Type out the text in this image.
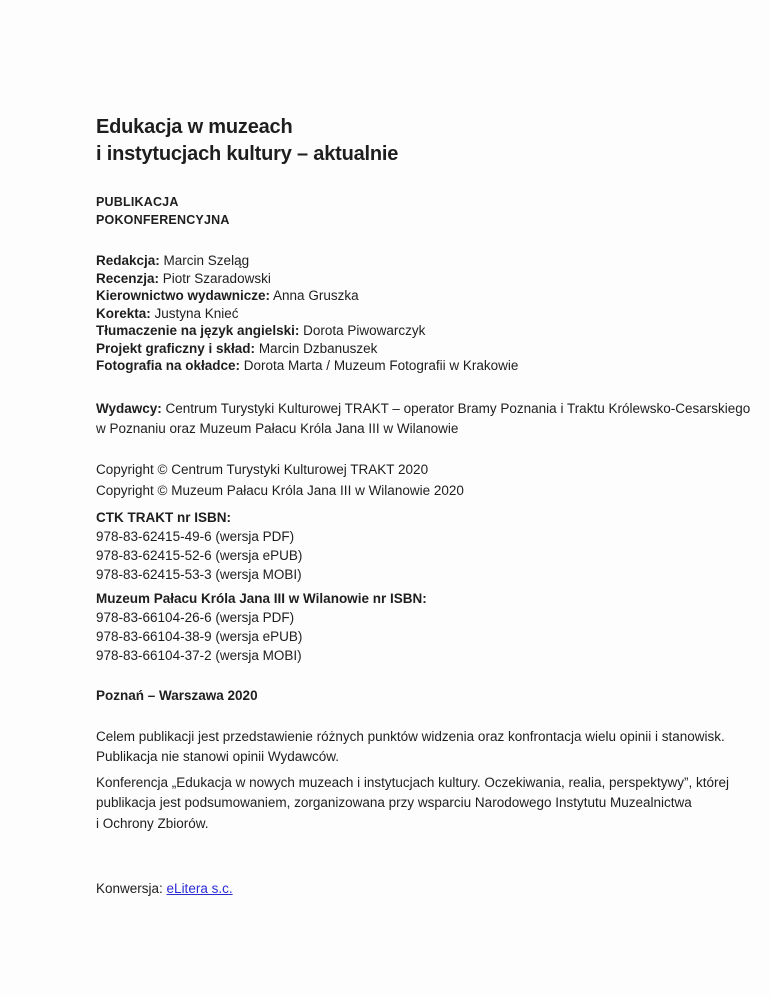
Edukacja w muzeach
i instytucjach kultury – aktualnie
PUBLIKACJA
POKONFERENCYJNA
Redakcja: Marcin Szeląg
Recenzja: Piotr Szaradowski
Kierownictwo wydawnicze: Anna Gruszka
Korekta: Justyna Knieć
Tłumaczenie na język angielski: Dorota Piwowarczyk
Projekt graficzny i skład: Marcin Dzbanuszek
Fotografia na okładce: Dorota Marta / Muzeum Fotografii w Krakowie
Wydawcy: Centrum Turystyki Kulturowej TRAKT – operator Bramy Poznania i Traktu Królewsko-Cesarskiego
w Poznaniu oraz Muzeum Pałacu Króla Jana III w Wilanowie
Copyright © Centrum Turystyki Kulturowej TRAKT 2020
Copyright © Muzeum Pałacu Króla Jana III w Wilanowie 2020
CTK TRAKT nr ISBN:
978-83-62415-49-6 (wersja PDF)
978-83-62415-52-6 (wersja ePUB)
978-83-62415-53-3 (wersja MOBI)
Muzeum Pałacu Króla Jana III w Wilanowie nr ISBN:
978-83-66104-26-6 (wersja PDF)
978-83-66104-38-9 (wersja ePUB)
978-83-66104-37-2 (wersja MOBI)
Poznań – Warszawa 2020
Celem publikacji jest przedstawienie różnych punktów widzenia oraz konfrontacja wielu opinii i stanowisk.
Publikacja nie stanowi opinii Wydawców.
Konferencja „Edukacja w nowych muzeach i instytucjach kultury. Oczekiwania, realia, perspektywy”, której
publikacja jest podsumowaniem, zorganizowana przy wsparciu Narodowego Instytutu Muzealnictwa
i Ochrony Zbiorów.
Konwersja: eLitera s.c.
